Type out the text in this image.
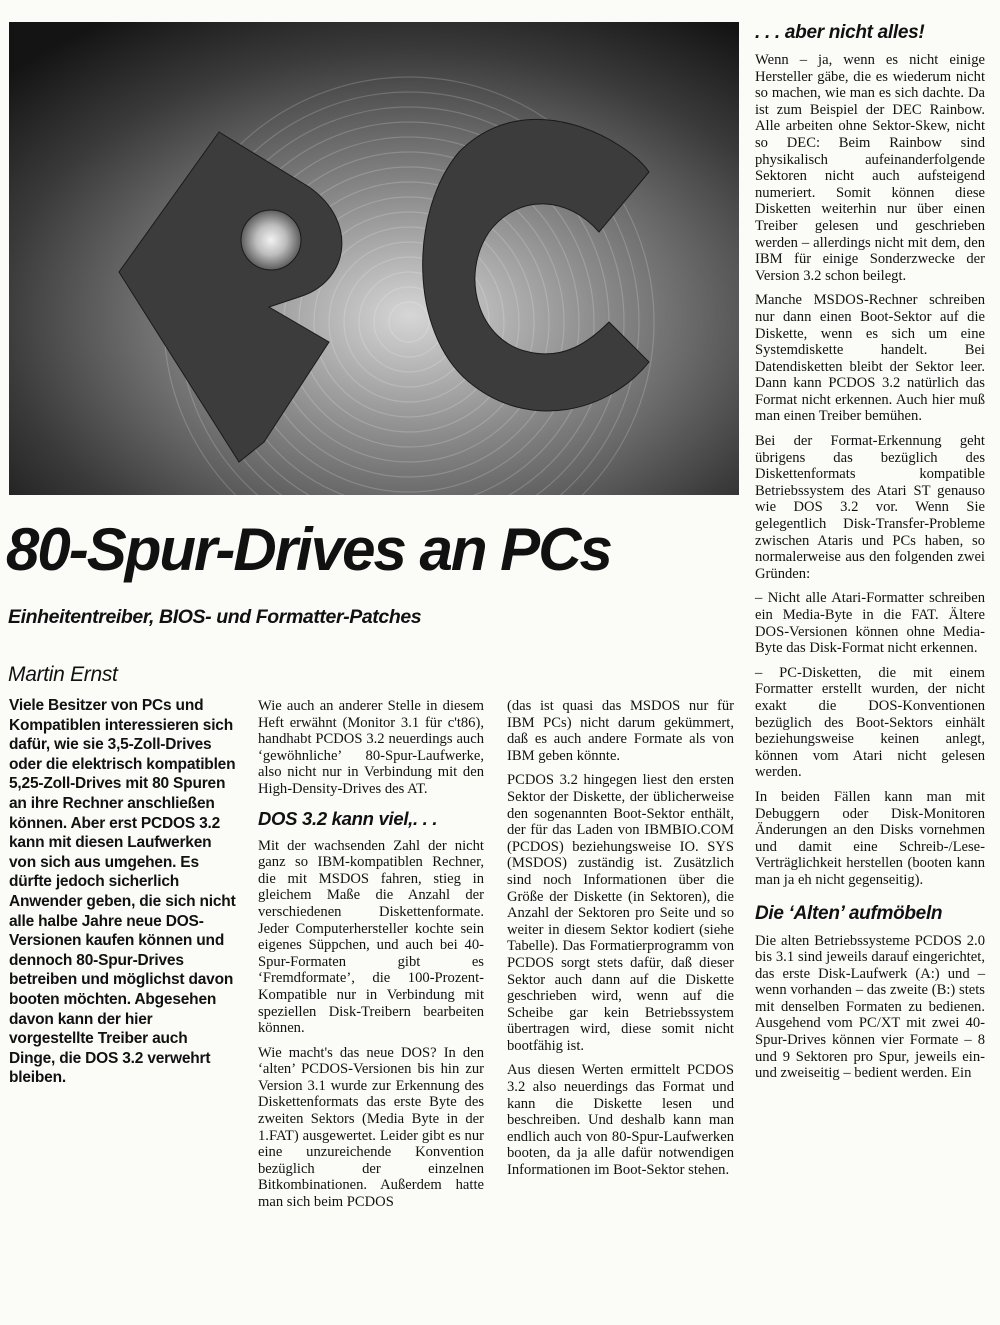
80-Spur-Drives an PCs
Einheitentreiber, BIOS- und Formatter-Patches
Martin Ernst
Viele Besitzer von PCs und Kompatiblen interessieren sich dafür, wie sie 3,5-Zoll-Drives oder die elektrisch kompatiblen 5,25-Zoll-Drives mit 80 Spuren an ihre Rechner anschließen können. Aber erst PCDOS 3.2 kann mit diesen Laufwerken von sich aus umgehen. Es dürfte jedoch sicherlich Anwender geben, die sich nicht alle halbe Jahre neue DOS-Versionen kaufen können und dennoch 80-Spur-Drives betreiben und möglichst davon booten möchten. Abgesehen davon kann der hier vorgestellte Treiber auch Dinge, die DOS 3.2 verwehrt bleiben.

Wie auch an anderer Stelle in diesem Heft erwähnt (Monitor 3.1 für c't86), handhabt PCDOS 3.2 neuerdings auch ‘gewöhnliche’ 80-Spur-Laufwerke, also nicht nur in Verbindung mit den High-Density-Drives des AT.

DOS 3.2 kann viel,. . .

Mit der wachsenden Zahl der nicht ganz so IBM-kompatiblen Rechner, die mit MSDOS fahren, stieg in gleichem Maße die Anzahl der verschiedenen Diskettenformate. Jeder Computerhersteller kochte sein eigenes Süppchen, und auch bei 40-Spur-Formaten gibt es ‘Fremdformate’, die 100-Prozent-Kompatible nur in Verbindung mit speziellen Disk-Treibern bearbeiten können.

Wie macht's das neue DOS? In den ‘alten’ PCDOS-Versionen bis hin zur Version 3.1 wurde zur Erkennung des Diskettenformats das erste Byte des zweiten Sektors (Media Byte in der 1.FAT) ausgewertet. Leider gibt es nur eine unzureichende Konvention bezüglich der einzelnen Bitkombinationen. Außerdem hatte man sich beim PCDOS

(das ist quasi das MSDOS nur für IBM PCs) nicht darum gekümmert, daß es auch andere Formate als von IBM geben könnte.

PCDOS 3.2 hingegen liest den ersten Sektor der Diskette, der üblicherweise den sogenannten Boot-Sektor enthält, der für das Laden von IBMBIO.COM (PCDOS) beziehungsweise IO. SYS (MSDOS) zuständig ist. Zusätzlich sind noch Informationen über die Größe der Diskette (in Sektoren), die Anzahl der Sektoren pro Seite und so weiter in diesem Sektor kodiert (siehe Tabelle). Das Formatierprogramm von PCDOS sorgt stets dafür, daß dieser Sektor auch dann auf die Diskette geschrieben wird, wenn auf die Scheibe gar kein Betriebssystem übertragen wird, diese somit nicht bootfähig ist.

Aus diesen Werten ermittelt PCDOS 3.2 also neuerdings das Format und kann die Diskette lesen und beschreiben. Und deshalb kann man endlich auch von 80-Spur-Laufwerken booten, da ja alle dafür notwendigen Informationen im Boot-Sektor stehen.

. . . aber nicht alles!

Wenn – ja, wenn es nicht einige Hersteller gäbe, die es wiederum nicht so machen, wie man es sich dachte. Da ist zum Beispiel der DEC Rainbow. Alle arbeiten ohne Sektor-Skew, nicht so DEC: Beim Rainbow sind physikalisch aufeinanderfolgende Sektoren nicht auch aufsteigend numeriert. Somit können diese Disketten weiterhin nur über einen Treiber gelesen und geschrieben werden – allerdings nicht mit dem, den IBM für einige Sonderzwecke der Version 3.2 schon beilegt.

Manche MSDOS-Rechner schreiben nur dann einen Boot-Sektor auf die Diskette, wenn es sich um eine Systemdiskette handelt. Bei Datendisketten bleibt der Sektor leer. Dann kann PCDOS 3.2 natürlich das Format nicht erkennen. Auch hier muß man einen Treiber bemühen.

Bei der Format-Erkennung geht übrigens das bezüglich des Diskettenformats kompatible Betriebssystem des Atari ST genauso wie DOS 3.2 vor. Wenn Sie gelegentlich Disk-Transfer-Probleme zwischen Ataris und PCs haben, so normalerweise aus den folgenden zwei Gründen:

– Nicht alle Atari-Formatter schreiben ein Media-Byte in die FAT. Ältere DOS-Versionen können ohne Media-Byte das Disk-Format nicht erkennen.

– PC-Disketten, die mit einem Formatter erstellt wurden, der nicht exakt die DOS-Konventionen bezüglich des Boot-Sektors einhält beziehungsweise keinen anlegt, können vom Atari nicht gelesen werden.

In beiden Fällen kann man mit Debuggern oder Disk-Monitoren Änderungen an den Disks vornehmen und damit eine Schreib-/Lese-Verträglichkeit herstellen (booten kann man ja eh nicht gegenseitig).

Die ‘Alten’ aufmöbeln

Die alten Betriebssysteme PCDOS 2.0 bis 3.1 sind jeweils darauf eingerichtet, das erste Disk-Laufwerk (A:) und – wenn vorhanden – das zweite (B:) stets mit denselben Formaten zu bedienen. Ausgehend vom PC/XT mit zwei 40-Spur-Drives können vier Formate – 8 und 9 Sektoren pro Spur, jeweils ein- und zweiseitig – bedient werden. Ein
